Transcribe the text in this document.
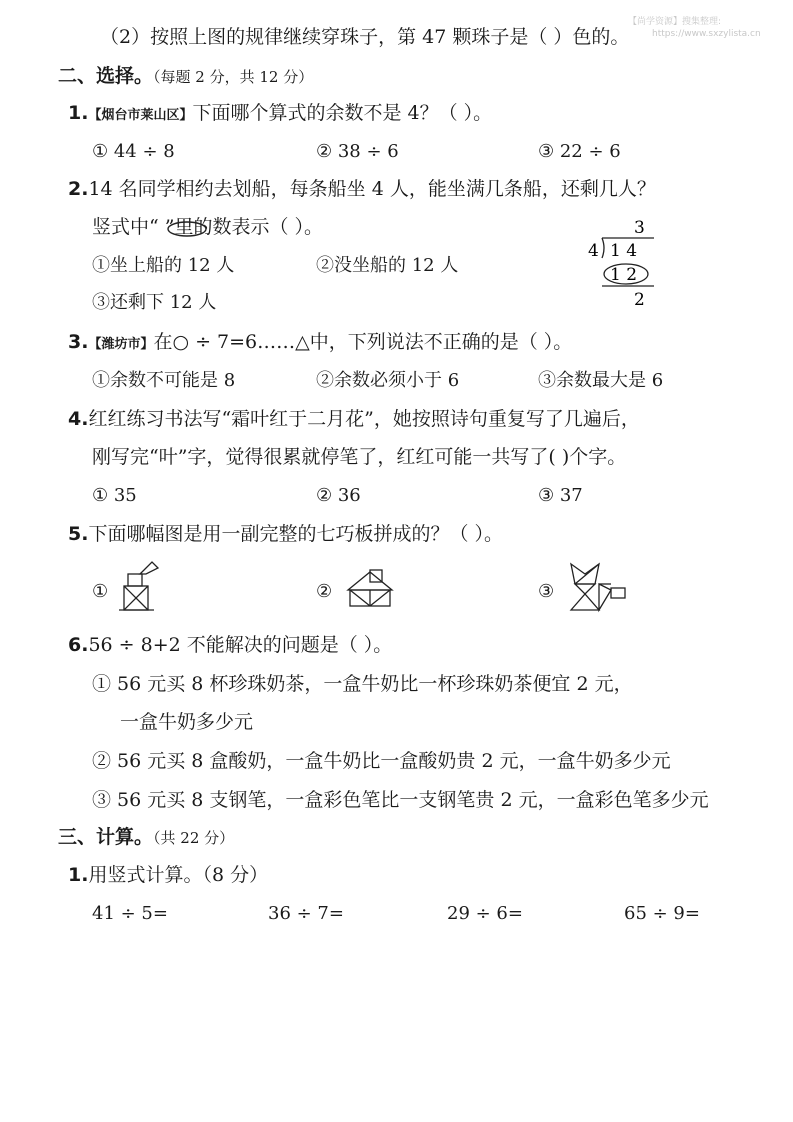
【尚学资源】搜集整理:
https://www.sxzylista.cn
（2）按照上图的规律继续穿珠子，第 47 颗珠子是（ ）色的。
二、选择。（每题 2 分，共 12 分）
1.【烟台市莱山区】下面哪个算式的余数不是 4？（ ）。
① 44 ÷ 8	② 38 ÷ 6	③ 22 ÷ 6
2.14 名同学相约去划船，每条船坐 4 人，能坐满几条船，还剩几人？
竖式中“ ”里的数表示（ ）。
①坐上船的 12 人	②没坐船的 12 人
③还剩下 12 人
3
4 1 4
1 2
2
3.【潍坊市】在○ ÷ 7=6……△中，下列说法不正确的是（ ）。
①余数不可能是 8	②余数必须小于 6	③余数最大是 6
4.红红练习书法写“霜叶红于二月花”，她按照诗句重复写了几遍后，
刚写完“叶”字，觉得很累就停笔了，红红可能一共写了( )个字。
① 35	② 36	③ 37
5.下面哪幅图是用一副完整的七巧板拼成的？（ ）。
①	②	③
6.56 ÷ 8+2 不能解决的问题是（ ）。
① 56 元买 8 杯珍珠奶茶，一盒牛奶比一杯珍珠奶茶便宜 2 元，
一盒牛奶多少元
② 56 元买 8 盒酸奶，一盒牛奶比一盒酸奶贵 2 元，一盒牛奶多少元
③ 56 元买 8 支钢笔，一盒彩色笔比一支钢笔贵 2 元，一盒彩色笔多少元
三、计算。（共 22 分）
1.用竖式计算。（8 分）
41 ÷ 5=	36 ÷ 7=	29 ÷ 6=	65 ÷ 9=
